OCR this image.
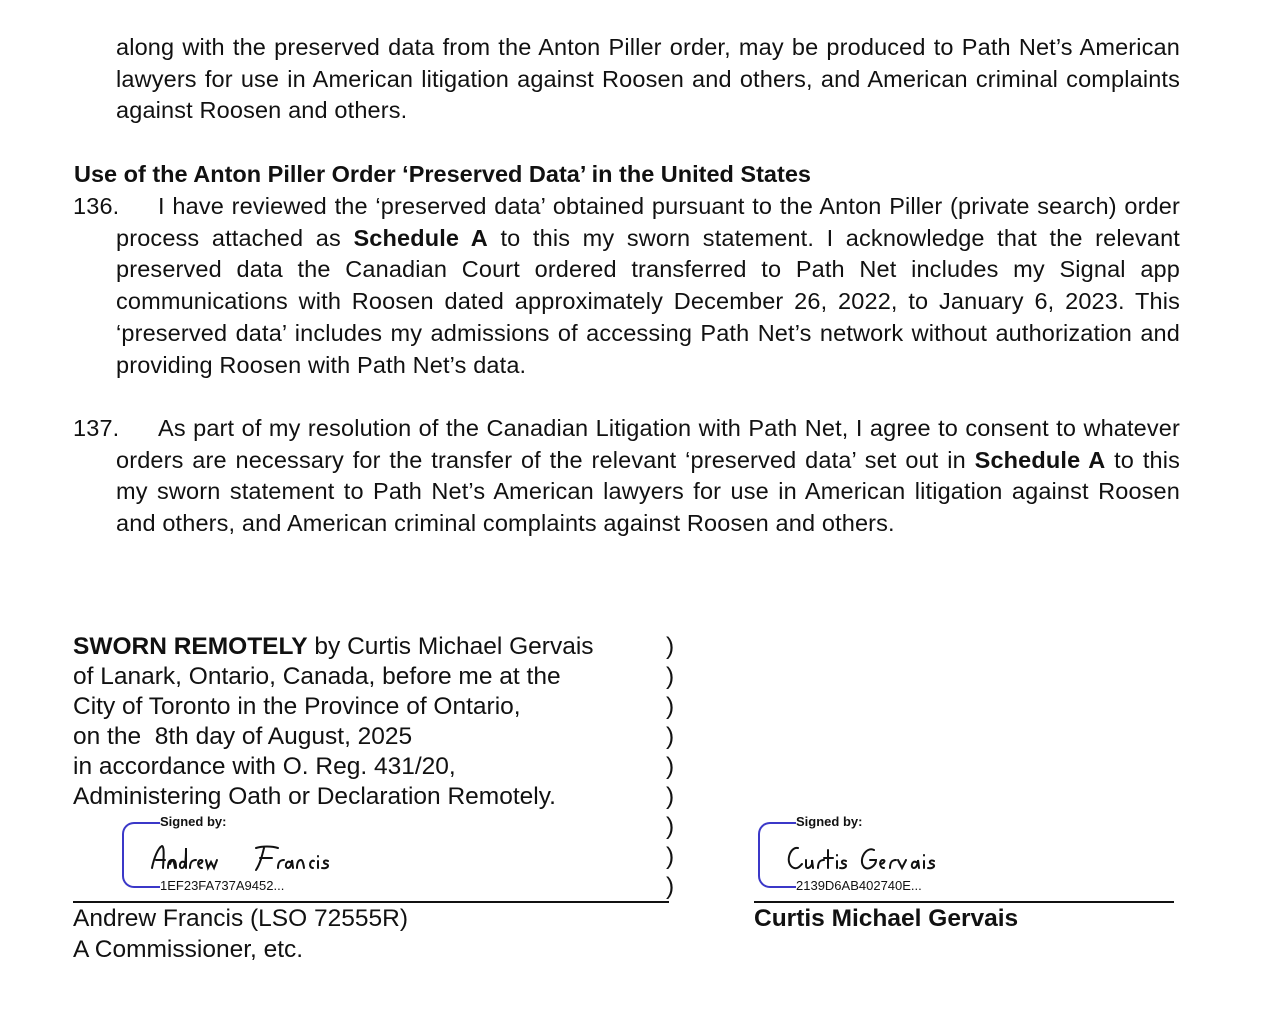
along with the preserved data from the Anton Piller order, may be produced to Path Net’s American lawyers for use in American litigation against Roosen and others, and American criminal complaints against Roosen and others.
Use of the Anton Piller Order ‘Preserved Data’ in the United States
136. I have reviewed the ‘preserved data’ obtained pursuant to the Anton Piller (private search) order process attached as Schedule A to this my sworn statement. I acknowledge that the relevant preserved data the Canadian Court ordered transferred to Path Net includes my Signal app communications with Roosen dated approximately December 26, 2022, to January 6, 2023. This ‘preserved data’ includes my admissions of accessing Path Net’s network without authorization and providing Roosen with Path Net’s data.
137. As part of my resolution of the Canadian Litigation with Path Net, I agree to consent to whatever orders are necessary for the transfer of the relevant ‘preserved data’ set out in Schedule A to this my sworn statement to Path Net’s American lawyers for use in American litigation against Roosen and others, and American criminal complaints against Roosen and others.
SWORN REMOTELY by Curtis Michael Gervais
of Lanark, Ontario, Canada, before me at the
City of Toronto in the Province of Ontario,
on the  8th day of August, 2025
in accordance with O. Reg. 431/20,
Administering Oath or Declaration Remotely.
)
)
)
)
)
)
)
)
)
Signed by:
1EF23FA737A9452...
Andrew Francis (LSO 72555R)
A Commissioner, etc.
Signed by:
2139D6AB402740E...
Curtis Michael Gervais
